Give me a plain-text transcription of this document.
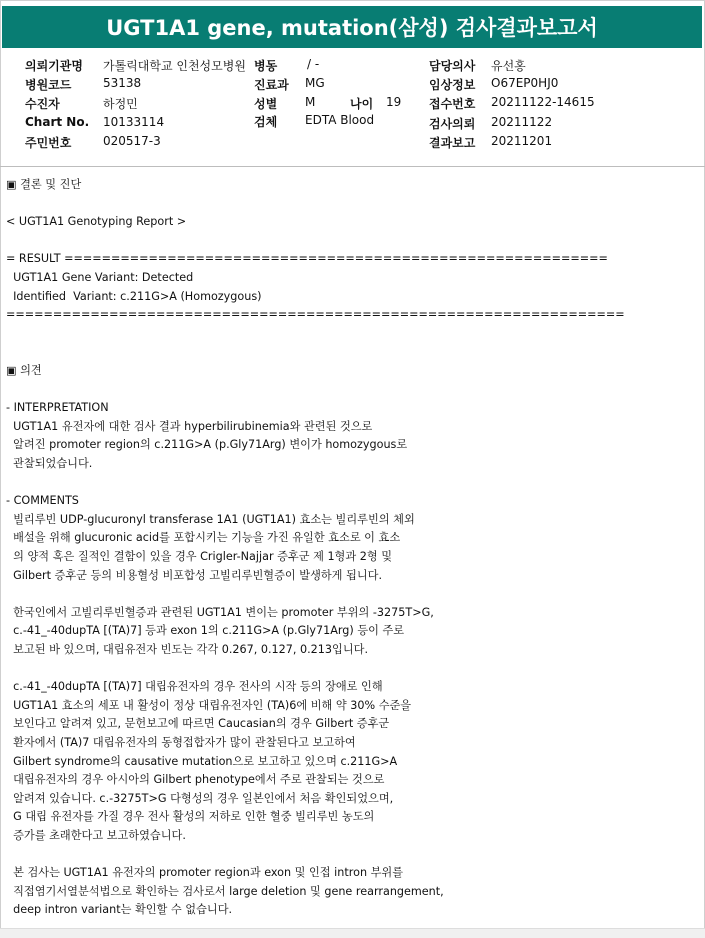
UGT1A1 gene, mutation(삼성) 검사결과보고서
의뢰기관명 가톨릭대학교 인천성모병원 병동 / -	담당의사 유선홍
병원코드	53138	진료과 MG	임상정보 O67EP0HJ0
수진자	하정민	성별 M	나이 19 접수번호 20211122-14615
Chart No. 10133114	검체 EDTA Blood	검사의뢰 20211122
주민번호	020517-3	결과보고 20211201
▣ 결론 및 진단
< UGT1A1 Genotyping Report >
= RESULT ==========================================================
UGT1A1 Gene Variant: Detected
Identified  Variant: c.211G>A (Homozygous)
==================================================================
▣ 의견
- INTERPRETATION
UGT1A1 유전자에 대한 검사 결과 hyperbilirubinemia와 관련된 것으로
알려진 promoter region의 c.211G>A (p.Gly71Arg) 변이가 homozygous로
관찰되었습니다.
- COMMENTS
빌리루빈 UDP-glucuronyl transferase 1A1 (UGT1A1) 효소는 빌리루빈의 체외
배설을 위해 glucuronic acid를 포합시키는 기능을 가진 유일한 효소로 이 효소
의 양적 혹은 질적인 결함이 있을 경우 Crigler-Najjar 증후군 제 1형과 2형 및
Gilbert 증후군 등의 비용혈성 비포합성 고빌리루빈혈증이 발생하게 됩니다.
한국인에서 고빌리루빈혈증과 관련된 UGT1A1 변이는 promoter 부위의 -3275T>G,
c.-41_-40dupTA [(TA)7] 등과 exon 1의 c.211G>A (p.Gly71Arg) 등이 주로
보고된 바 있으며, 대립유전자 빈도는 각각 0.267, 0.127, 0.213입니다.
c.-41_-40dupTA [(TA)7] 대립유전자의 경우 전사의 시작 등의 장애로 인해
UGT1A1 효소의 세포 내 활성이 정상 대립유전자인 (TA)6에 비해 약 30% 수준을
보인다고 알려져 있고, 문헌보고에 따르면 Caucasian의 경우 Gilbert 증후군
환자에서 (TA)7 대립유전자의 동형접합자가 많이 관찰된다고 보고하여
Gilbert syndrome의 causative mutation으로 보고하고 있으며 c.211G>A
대립유전자의 경우 아시아의 Gilbert phenotype에서 주로 관찰되는 것으로
알려져 있습니다. c.-3275T>G 다형성의 경우 일본인에서 처음 확인되었으며,
G 대립 유전자를 가질 경우 전사 활성의 저하로 인한 혈중 빌리루빈 농도의
증가를 초래한다고 보고하였습니다.
본 검사는 UGT1A1 유전자의 promoter region과 exon 및 인접 intron 부위를
직접염기서열분석법으로 확인하는 검사로서 large deletion 및 gene rearrangement,
deep intron variant는 확인할 수 없습니다.
